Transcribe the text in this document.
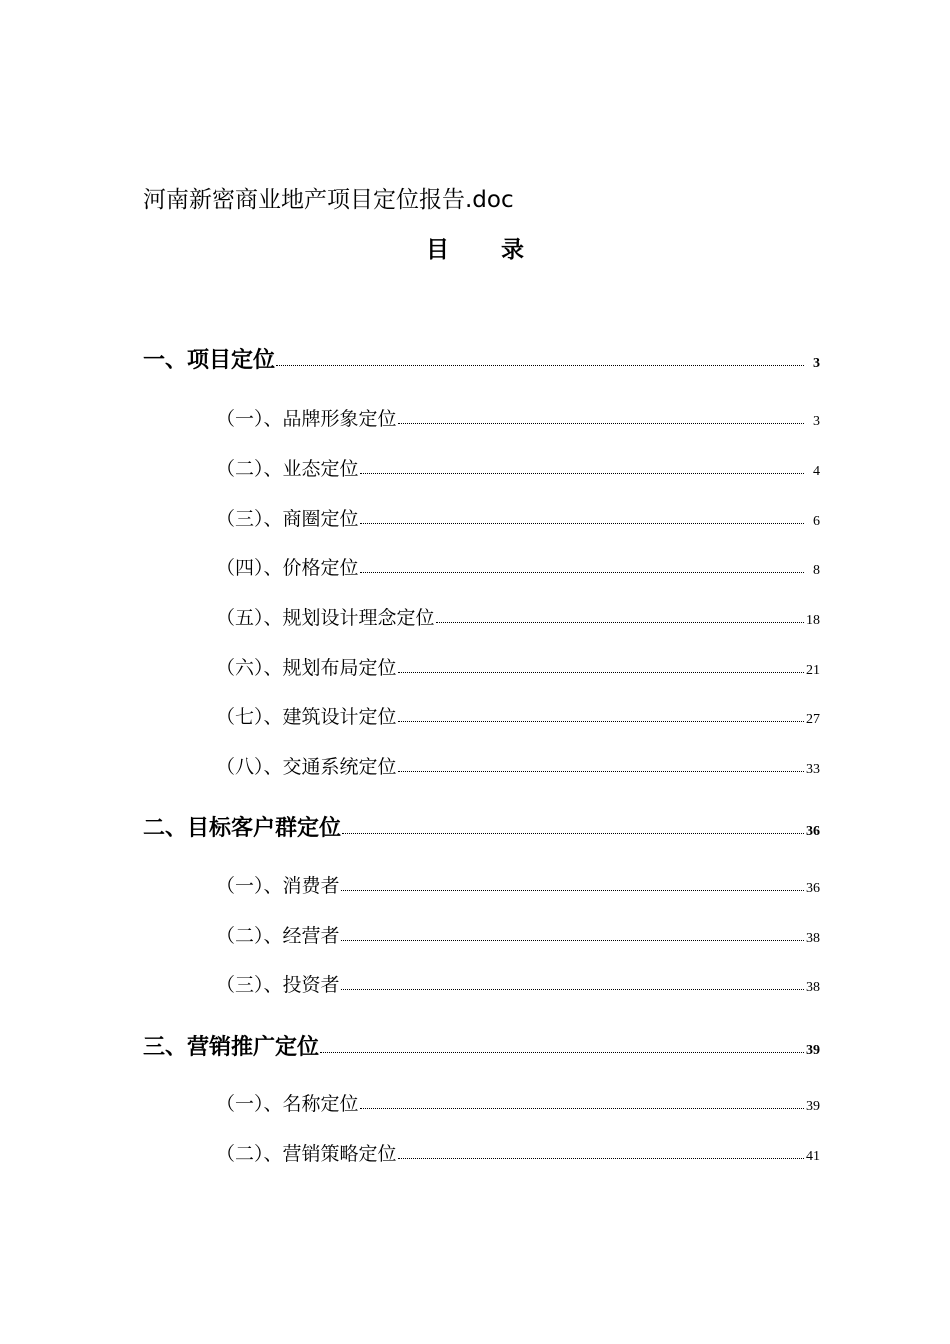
河南新密商业地产项目定位报告.doc
目 录
一、项目定位	3
（一）、品牌形象定位	3
（二）、业态定位	4
（三）、商圈定位	6
（四）、价格定位	8
（五）、规划设计理念定位	18
（六）、规划布局定位	21
（七）、建筑设计定位	27
（八）、交通系统定位	33
二、目标客户群定位	36
（一）、消费者	36
（二）、经营者	38
（三）、投资者	38
三、营销推广定位	39
（一）、名称定位	39
（二）、营销策略定位	41
